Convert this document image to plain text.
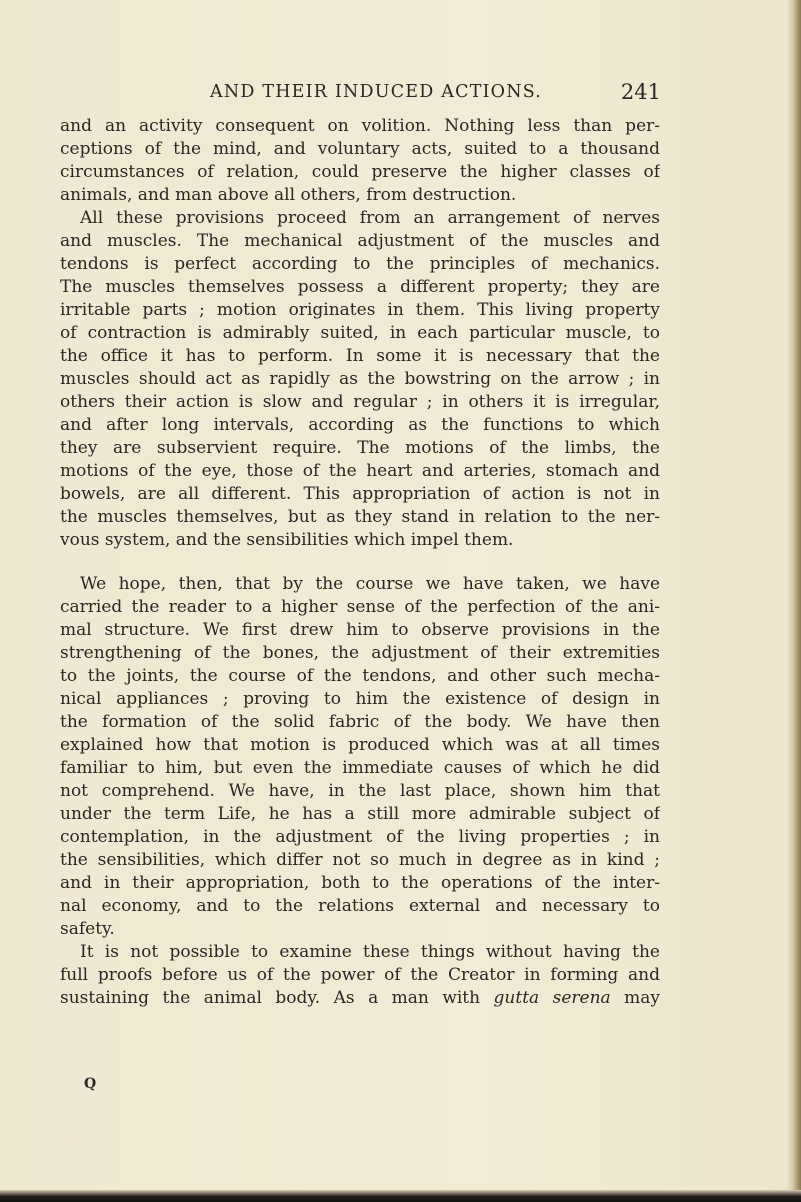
AND THEIR INDUCED ACTIONS.	241
and an activity consequent on volition. Nothing less than per-
ceptions of the mind, and voluntary acts, suited to a thousand
circumstances of relation, could preserve the higher classes of
animals, and man above all others, from destruction.
All these provisions proceed from an arrangement of nerves
and muscles. The mechanical adjustment of the muscles and
tendons is perfect according to the principles of mechanics.
The muscles themselves possess a different property; they are
irritable parts ; motion originates in them. This living property
of contraction is admirably suited, in each particular muscle, to
the office it has to perform. In some it is necessary that the
muscles should act as rapidly as the bowstring on the arrow ; in
others their action is slow and regular ; in others it is irregular,
and after long intervals, according as the functions to which
they are subservient require. The motions of the limbs, the
motions of the eye, those of the heart and arteries, stomach and
bowels, are all different. This appropriation of action is not in
the muscles themselves, but as they stand in relation to the ner-
vous system, and the sensibilities which impel them.
We hope, then, that by the course we have taken, we have
carried the reader to a higher sense of the perfection of the ani-
mal structure. We first drew him to observe provisions in the
strengthening of the bones, the adjustment of their extremities
to the joints, the course of the tendons, and other such mecha-
nical appliances ; proving to him the existence of design in
the formation of the solid fabric of the body. We have then
explained how that motion is produced which was at all times
familiar to him, but even the immediate causes of which he did
not comprehend. We have, in the last place, shown him that
under the term Life, he has a still more admirable subject of
contemplation, in the adjustment of the living properties ; in
the sensibilities, which differ not so much in degree as in kind ;
and in their appropriation, both to the operations of the inter-
nal economy, and to the relations external and necessary to
safety.
It is not possible to examine these things without having the
full proofs before us of the power of the Creator in forming and
sustaining the animal body. As a man with gutta serena may
Q
